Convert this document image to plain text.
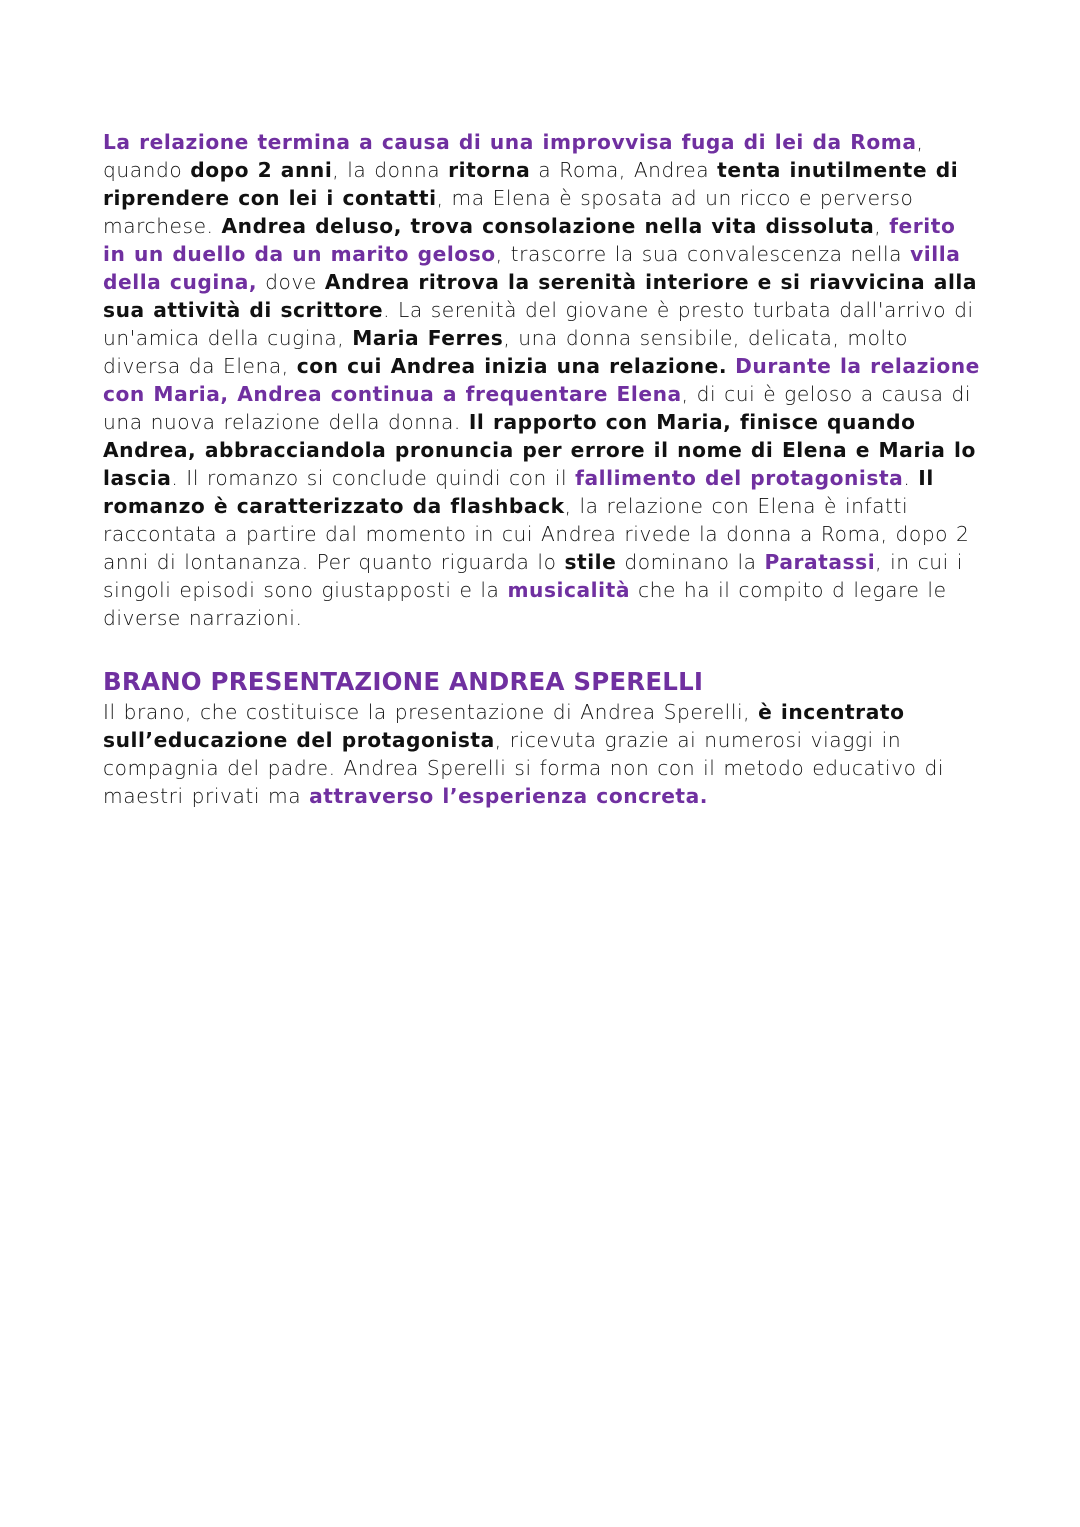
La relazione termina a causa di una improvvisa fuga di lei da Roma, quando dopo 2 anni, la donna ritorna a Roma, Andrea tenta inutilmente di riprendere con lei i contatti, ma Elena è sposata ad un ricco e perverso marchese. Andrea deluso, trova consolazione nella vita dissoluta, ferito in un duello da un marito geloso, trascorre la sua convalescenza nella villa della cugina, dove Andrea ritrova la serenità interiore e si riavvicina alla sua attività di scrittore. La serenità del giovane è presto turbata dall'arrivo di un'amica della cugina, Maria Ferres, una donna sensibile, delicata, molto diversa da Elena, con cui Andrea inizia una relazione. Durante la relazione con Maria, Andrea continua a frequentare Elena, di cui è geloso a causa di una nuova relazione della donna. Il rapporto con Maria, finisce quando Andrea, abbracciandola pronuncia per errore il nome di Elena e Maria lo lascia. Il romanzo si conclude quindi con il fallimento del protagonista. Il romanzo è caratterizzato da flashback, la relazione con Elena è infatti raccontata a partire dal momento in cui Andrea rivede la donna a Roma, dopo 2 anni di lontananza. Per quanto riguarda lo stile dominano la Paratassi, in cui i singoli episodi sono giustapposti e la musicalità che ha il compito d legare le diverse narrazioni.

BRANO PRESENTAZIONE ANDREA SPERELLI

Il brano, che costituisce la presentazione di Andrea Sperelli, è incentrato sull’educazione del protagonista, ricevuta grazie ai numerosi viaggi in compagnia del padre. Andrea Sperelli si forma non con il metodo educativo di maestri privati ma attraverso l’esperienza concreta.
